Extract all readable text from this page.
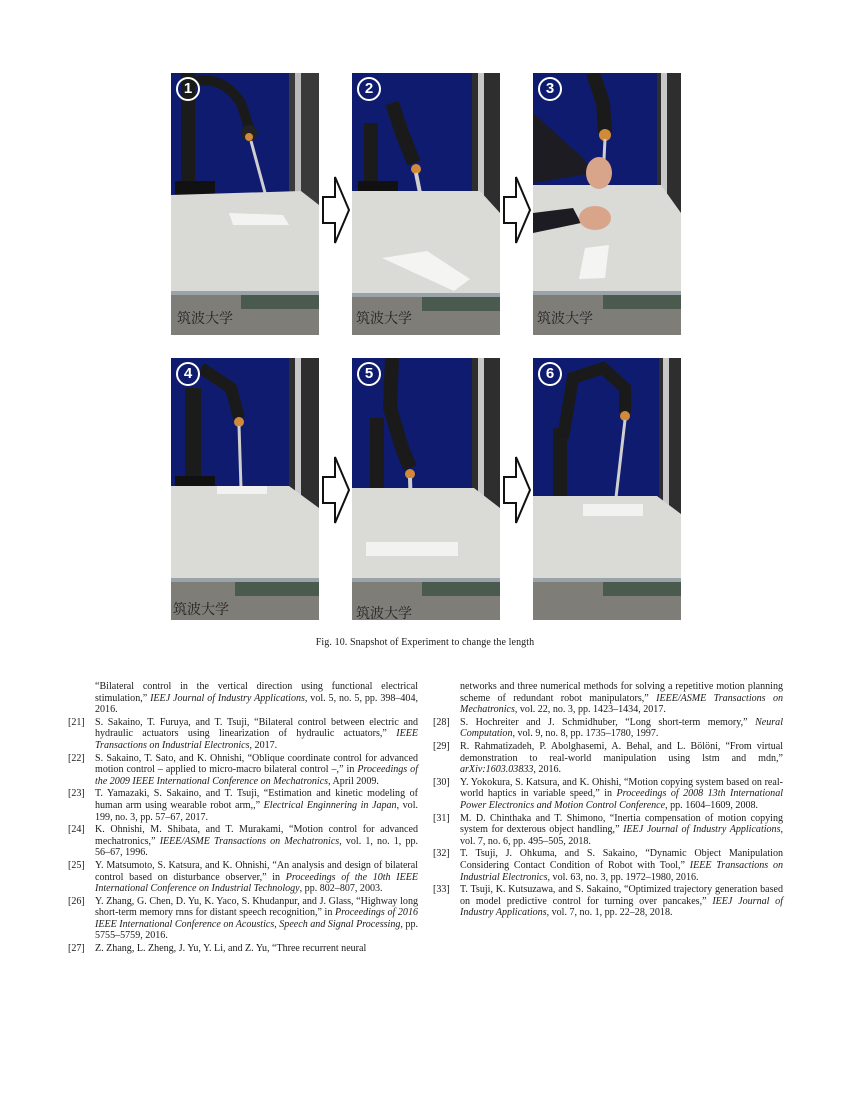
筑波大学
1
筑波大学
2
筑波大学
3
筑波大学
4
筑波大学
5	6
Fig. 10. Snapshot of Experiment to change the length
“Bilateral control in the vertical direction using functional electrical stimulation,” IEEJ Journal of Industry Applications, vol. 5, no. 5, pp. 398–404, 2016.
[21] S. Sakaino, T. Furuya, and T. Tsuji, “Bilateral control between electric and hydraulic actuators using linearization of hydraulic actuators,” IEEE Transactions on Industrial Electronics, 2017.
[22] S. Sakaino, T. Sato, and K. Ohnishi, “Oblique coordinate control for advanced motion control – applied to micro-macro bilateral control –,” in Proceedings of the 2009 IEEE International Conference on Mechatronics, April 2009.
[23] T. Yamazaki, S. Sakaino, and T. Tsuji, “Estimation and kinetic modeling of human arm using wearable robot arm,,” Electrical Enginnering in Japan, vol. 199, no. 3, pp. 57–67, 2017.
[24] K. Ohnishi, M. Shibata, and T. Murakami, “Motion control for advanced mechatronics,” IEEE/ASME Transactions on Mechatronics, vol. 1, no. 1, pp. 56–67, 1996.
[25] Y. Matsumoto, S. Katsura, and K. Ohnishi, “An analysis and design of bilateral control based on disturbance observer,” in Proceedings of the 10th IEEE International Conference on Industrial Technology, pp. 802–807, 2003.
[26] Y. Zhang, G. Chen, D. Yu, K. Yaco, S. Khudanpur, and J. Glass, “Highway long short-term memory rnns for distant speech recognition,” in Proceedings of 2016 IEEE International Conference on Acoustics, Speech and Signal Processing, pp. 5755–5759, 2016.
[27] Z. Zhang, L. Zheng, J. Yu, Y. Li, and Z. Yu, “Three recurrent neural
networks and three numerical methods for solving a repetitive motion planning scheme of redundant robot manipulators,” IEEE/ASME Transactions on Mechatronics, vol. 22, no. 3, pp. 1423–1434, 2017.
[28] S. Hochreiter and J. Schmidhuber, “Long short-term memory,” Neural Computation, vol. 9, no. 8, pp. 1735–1780, 1997.
[29] R. Rahmatizadeh, P. Abolghasemi, A. Behal, and L. Bölöni, “From virtual demonstration to real-world manipulation using lstm and mdn,” arXiv:1603.03833, 2016.
[30] Y. Yokokura, S. Katsura, and K. Ohishi, “Motion copying system based on real-world haptics in variable speed,” in Proceedings of 2008 13th International Power Electronics and Motion Control Conference, pp. 1604–1609, 2008.
[31] M. D. Chinthaka and T. Shimono, “Inertia compensation of motion copying system for dexterous object handling,” IEEJ Journal of Industry Applications, vol. 7, no. 6, pp. 495–505, 2018.
[32] T. Tsuji, J. Ohkuma, and S. Sakaino, “Dynamic Object Manipulation Considering Contact Condition of Robot with Tool,” IEEE Transactions on Industrial Electronics, vol. 63, no. 3, pp. 1972–1980, 2016.
[33] T. Tsuji, K. Kutsuzawa, and S. Sakaino, “Optimized trajectory generation based on model predictive control for turning over pancakes,” IEEJ Journal of Industry Applications, vol. 7, no. 1, pp. 22–28, 2018.
